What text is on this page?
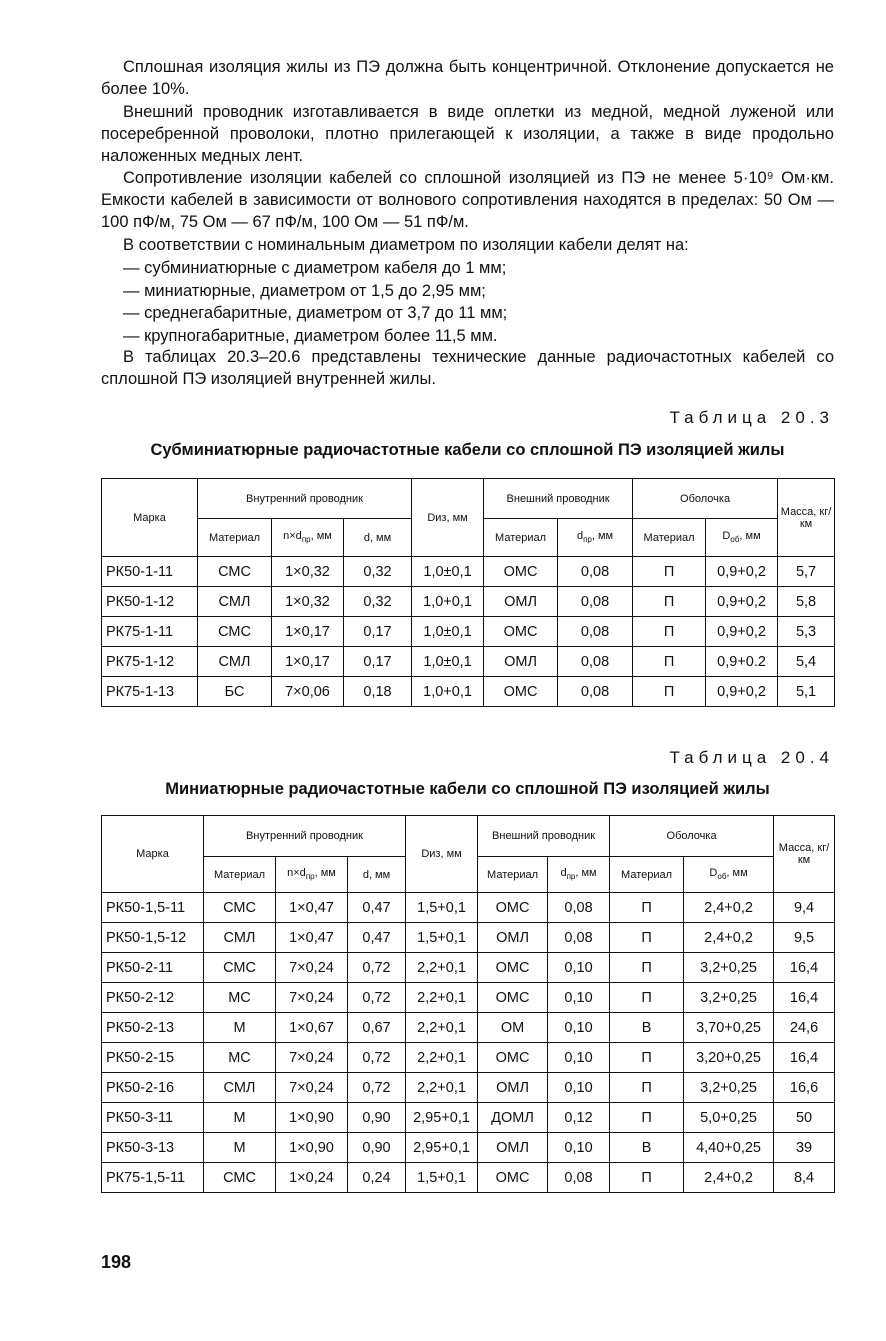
Сплошная изоляция жилы из ПЭ должна быть концентричной. Отклонение допускается не более 10%.

Внешний проводник изготавливается в виде оплетки из медной, медной луженой или посеребренной проволоки, плотно прилегающей к изоляции, а также в виде продольно наложенных медных лент.

Сопротивление изоляции кабелей со сплошной изоляцией из ПЭ не менее 5·10⁹ Ом·км. Емкости кабелей в зависимости от волнового сопротивления находятся в пределах: 50 Ом — 100 пФ/м, 75 Ом — 67 пФ/м, 100 Ом — 51 пФ/м.

В соответствии с номинальным диаметром по изоляции кабели делят на:

— субминиатюрные с диаметром кабеля до 1 мм;

— миниатюрные, диаметром от 1,5 до 2,95 мм;

— среднегабаритные, диаметром от 3,7 до 11 мм;

— крупногабаритные, диаметром более 11,5 мм.

В таблицах 20.3–20.6 представлены технические данные радиочастотных кабелей со сплошной ПЭ изоляцией внутренней жилы.

Таблица 20.3
Субминиатюрные радиочастотные кабели со сплошной ПЭ изоляцией жилы
Марка	Внутренний проводник			Dиз, мм	Внешний проводник		Оболочка		Масса, кг/км
	Материал	$n\times d_{пр}$, мм	d, мм		Материал	$d_{пр}$, мм	Материал	$D_{об}$, мм	
РК50-1-11	СМС	1×0,32	0,32	1,0±0,1	ОМС	0,08	П	0,9+0,2	5,7
РК50-1-12	СМЛ	1×0,32	0,32	1,0+0,1	ОМЛ	0,08	П	0,9+0,2	5,8
РК75-1-11	СМС	1×0,17	0,17	1,0±0,1	ОМС	0,08	П	0,9+0,2	5,3
РК75-1-12	СМЛ	1×0,17	0,17	1,0±0,1	ОМЛ	0,08	П	0,9+0.2	5,4
РК75-1-13	БС	7×0,06	0,18	1,0+0,1	ОМС	0,08	П	0,9+0,2	5,1
Таблица 20.4
Миниатюрные радиочастотные кабели со сплошной ПЭ изоляцией жилы
Марка	Внутренний проводник			Dиз, мм	Внешний проводник		Оболочка		Масса, кг/км
	Материал	$n\times d_{пр}$, мм	d, мм		Материал	$d_{пр}$, мм	Материал	$D_{об}$, мм	
РК50-1,5-11	СМС	1×0,47	0,47	1,5+0,1	ОМС	0,08	П	2,4+0,2	9,4
РК50-1,5-12	СМЛ	1×0,47	0,47	1,5+0,1	ОМЛ	0,08	П	2,4+0,2	9,5
РК50-2-11	СМС	7×0,24	0,72	2,2+0,1	ОМС	0,10	П	3,2+0,25	16,4
РК50-2-12	МС	7×0,24	0,72	2,2+0,1	ОМС	0,10	П	3,2+0,25	16,4
РК50-2-13	М	1×0,67	0,67	2,2+0,1	ОМ	0,10	В	3,70+0,25	24,6
РК50-2-15	МС	7×0,24	0,72	2,2+0,1	ОМС	0,10	П	3,20+0,25	16,4
РК50-2-16	СМЛ	7×0,24	0,72	2,2+0,1	ОМЛ	0,10	П	3,2+0,25	16,6
РК50-3-11	М	1×0,90	0,90	2,95+0,1	ДОМЛ	0,12	П	5,0+0,25	50
РК50-3-13	М	1×0,90	0,90	2,95+0,1	ОМЛ	0,10	В	4,40+0,25	39
РК75-1,5-11	СМС	1×0,24	0,24	1,5+0,1	ОМС	0,08	П	2,4+0,2	8,4
198
